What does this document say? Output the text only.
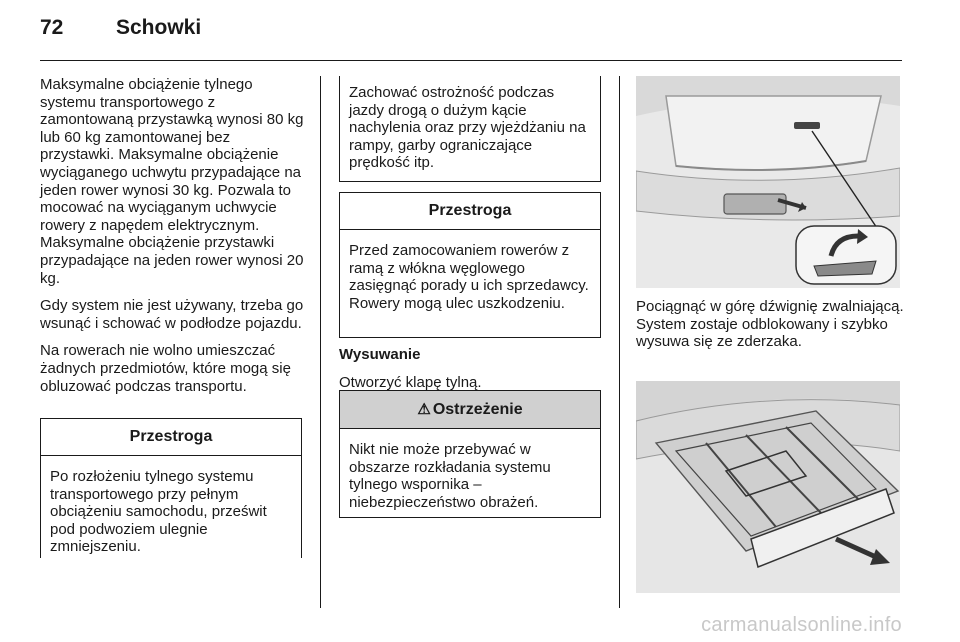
72	Schowki

Maksymalne obciążenie tylnego systemu transportowego z zamontowaną przystawką wynosi 80 kg lub 60 kg zamontowanej bez przystawki. Maksymalne obciążenie wyciąganego uchwytu przypadające na jeden rower wynosi 30 kg. Pozwala to mocować na wyciąganym uchwycie rowery z napędem elektrycznym. Maksymalne obciążenie przystawki przypadające na jeden rower wynosi 20 kg.

Gdy system nie jest używany, trzeba go wsunąć i schować w podłodze pojazdu.

Na rowerach nie wolno umieszczać żadnych przedmiotów, które mogą się obluzować podczas transportu.

Przestroga
Po rozłożeniu tylnego systemu transportowego przy pełnym obciążeniu samochodu, prześwit pod podwoziem ulegnie zmniejszeniu.
Zachować ostrożność podczas jazdy drogą o dużym kącie nachylenia oraz przy wjeżdżaniu na rampy, garby ograniczające prędkość itp.
Przestroga
Przed zamocowaniem rowerów z ramą z włókna węglowego zasięgnąć porady u ich sprzedawcy. Rowery mogą ulec uszkodzeniu.

Wysuwanie

Otworzyć klapę tylną.

⚠ Ostrzeżenie
Nikt nie może przebywać w obszarze rozkładania systemu tylnego wspornika – niebezpieczeństwo obrażeń.

Pociągnąć w górę dźwignię zwalniającą. System zostaje odblokowany i szybko wysuwa się ze zderzaka.

carmanualsonline.info
